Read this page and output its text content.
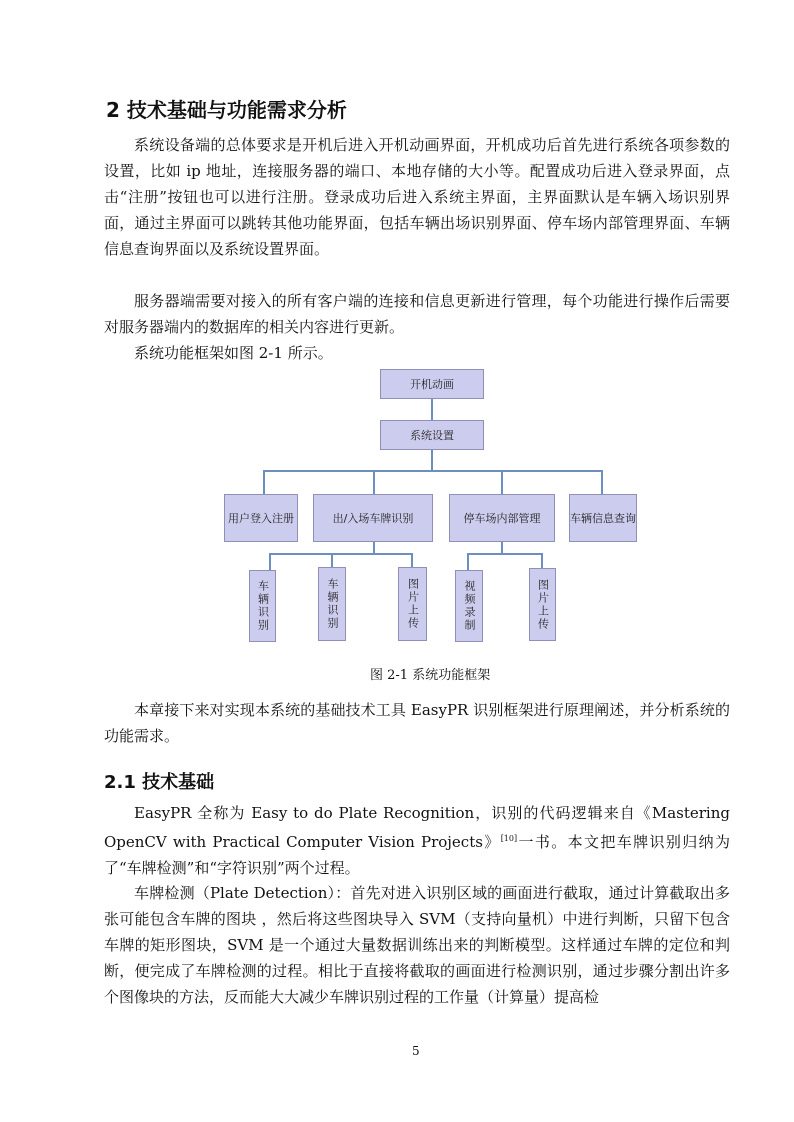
2 技术基础与功能需求分析

系统设备端的总体要求是开机后进入开机动画界面，开机成功后首先进行系统各项参数的设置，比如 ip 地址，连接服务器的端口、本地存储的大小等。配置成功后进入登录界面，点击“注册”按钮也可以进行注册。登录成功后进入系统主界面，主界面默认是车辆入场识别界面，通过主界面可以跳转其他功能界面，包括车辆出场识别界面、停车场内部管理界面、车辆信息查询界面以及系统设置界面。

服务器端需要对接入的所有客户端的连接和信息更新进行管理，每个功能进行操作后需要对服务器端内的数据库的相关内容进行更新。

系统功能框架如图 2-1 所示。

开机动画
系统设置
用户登入注册	出/入场车牌识别	停车场内部管理	车辆信息查询
车辆识别	车辆识别	图片上传	视频录制	图片上传
图 2-1 系统功能框架

本章接下来对实现本系统的基础技术工具 EasyPR 识别框架进行原理阐述，并分析系统的功能需求。

2.1 技术基础

EasyPR 全称为 Easy to do Plate Recognition，识别的代码逻辑来自《Mastering OpenCV with Practical Computer Vision Projects》[10]一书。本文把车牌识别归纳为了“车牌检测”和“字符识别”两个过程。

车牌检测（Plate Detection）：首先对进入识别区域的画面进行截取，通过计算截取出多张可能包含车牌的图块 ，然后将这些图块导入 SVM（支持向量机）中进行判断，只留下包含车牌的矩形图块，SVM 是一个通过大量数据训练出来的判断模型。这样通过车牌的定位和判断，便完成了车牌检测的过程。相比于直接将截取的画面进行检测识别，通过步骤分割出许多个图像块的方法，反而能大大减少车牌识别过程的工作量（计算量）提高检

5
